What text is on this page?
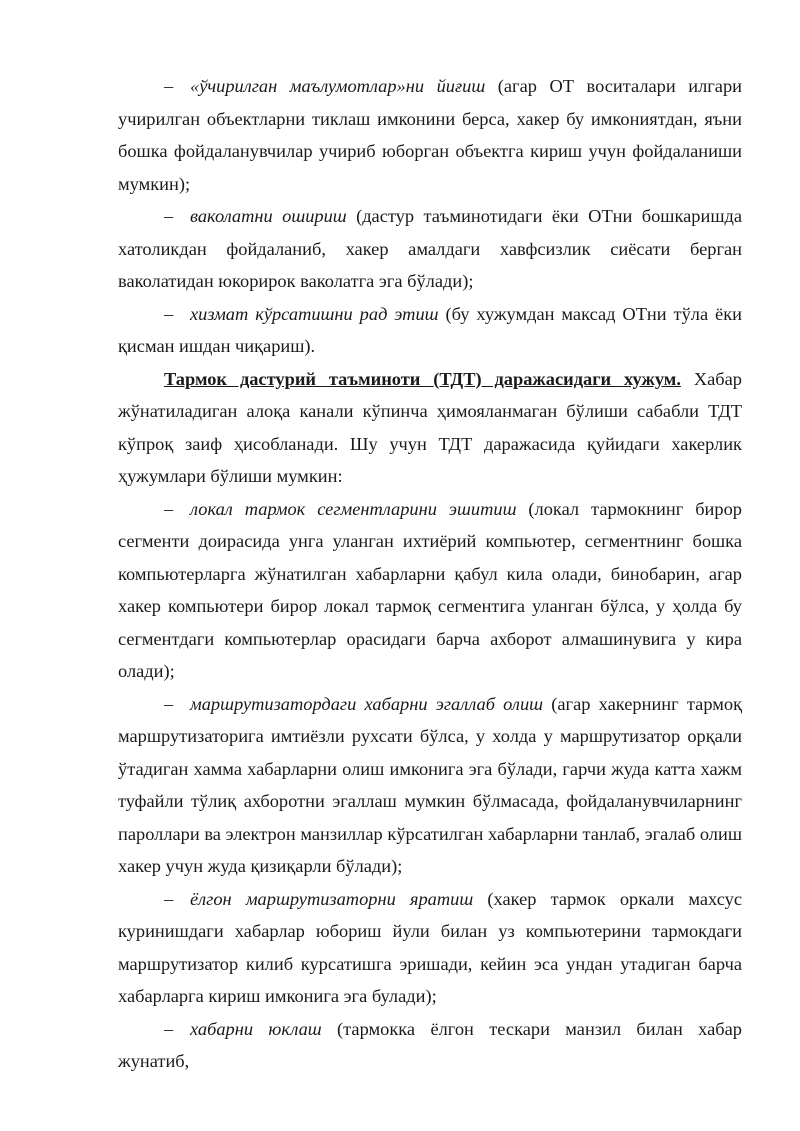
– «ўчирилган маълумотлар»ни йиғиш (агар ОТ воситалари илгари учирилган объектларни тиклаш имконини берса, хакер бу имкониятдан, яъни бошка фойдаланувчилар учириб юборган объектга кириш учун фойдаланиши мумкин);

– ваколатни ошириш (дастур таъминотидаги ёки ОТни бошкаришда хатоликдан фойдаланиб, хакер амалдаги хавфсизлик сиёсати берган ваколатидан юкорирок ваколатга эга бўлади);

– хизмат кўрсатишни рад этиш (бу хужумдан максад ОТни тўла ёки қисман ишдан чиқариш).

Тармок дастурий таъминоти (ТДТ) даражасидаги хужум. Хабар жўнатиладиган алоқа канали кўпинча ҳимояланмаган бўлиши сабабли ТДТ кўпроқ заиф ҳисобланади. Шу учун ТДТ даражасида қуйидаги хакерлик ҳужумлари бўлиши мумкин:

– локал тармок сегментларини эшитиш (локал тармокнинг бирор сегменти доирасида унга уланган ихтиёрий компьютер, сегментнинг бошка компьютерларга жўнатилган хабарларни қабул кила олади, бинобарин, агар хакер компьютери бирор локал тармоқ сегментига уланган бўлса, у ҳолда бу сегментдаги компьютерлар орасидаги барча ахборот алмашинувига у кира олади);

– маршрутизатордаги хабарни эгаллаб олиш (агар хакернинг тармоқ маршрутизаторига имтиёзли рухсати бўлса, у холда у маршрутизатор орқали ўтадиган хамма хабарларни олиш имконига эга бўлади, гарчи жуда катта хажм туфайли тўлиқ ахборотни эгаллаш мумкин бўлмасада, фойдаланувчиларнинг пароллари ва электрон манзиллар кўрсатилган хабарларни танлаб, эгалаб олиш хакер учун жуда қизиқарли бўлади);

– ёлгон маршрутизаторни яратиш (хакер тармок оркали махсус куринишдаги хабарлар юбориш йули билан уз компьютерини тармокдаги маршрутизатор килиб курсатишга эришади, кейин эса ундан утадиган барча хабарларга кириш имконига эга булади);

– хабарни юклаш (тармокка ёлгон тескари манзил билан хабар жунатиб,
